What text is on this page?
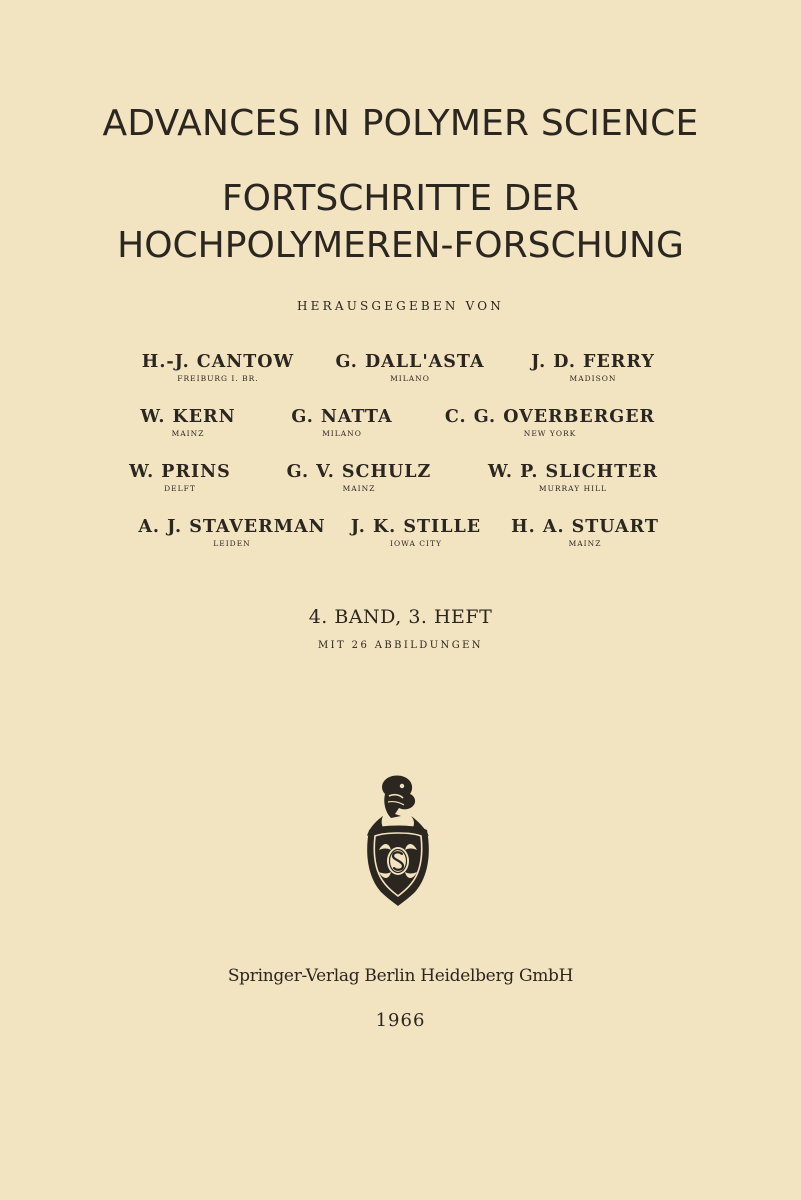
ADVANCES IN POLYMER SCIENCE
FORTSCHRITTE DER
HOCHPOLYMEREN-FORSCHUNG
HERAUSGEGEBEN VON
H.-J. CANTOW
FREIBURG I. BR.
G. DALL'ASTA
MILANO
J. D. FERRY
MADISON
W. KERN
MAINZ
G. NATTA
MILANO
C. G. OVERBERGER
NEW YORK
W. PRINS
DELFT
G. V. SCHULZ
MAINZ
W. P. SLICHTER
MURRAY HILL
A. J. STAVERMAN
LEIDEN
J. K. STILLE
IOWA CITY
H. A. STUART
MAINZ
4. BAND, 3. HEFT
MIT 26 ABBILDUNGEN
Springer-Verlag Berlin Heidelberg GmbH
1966
